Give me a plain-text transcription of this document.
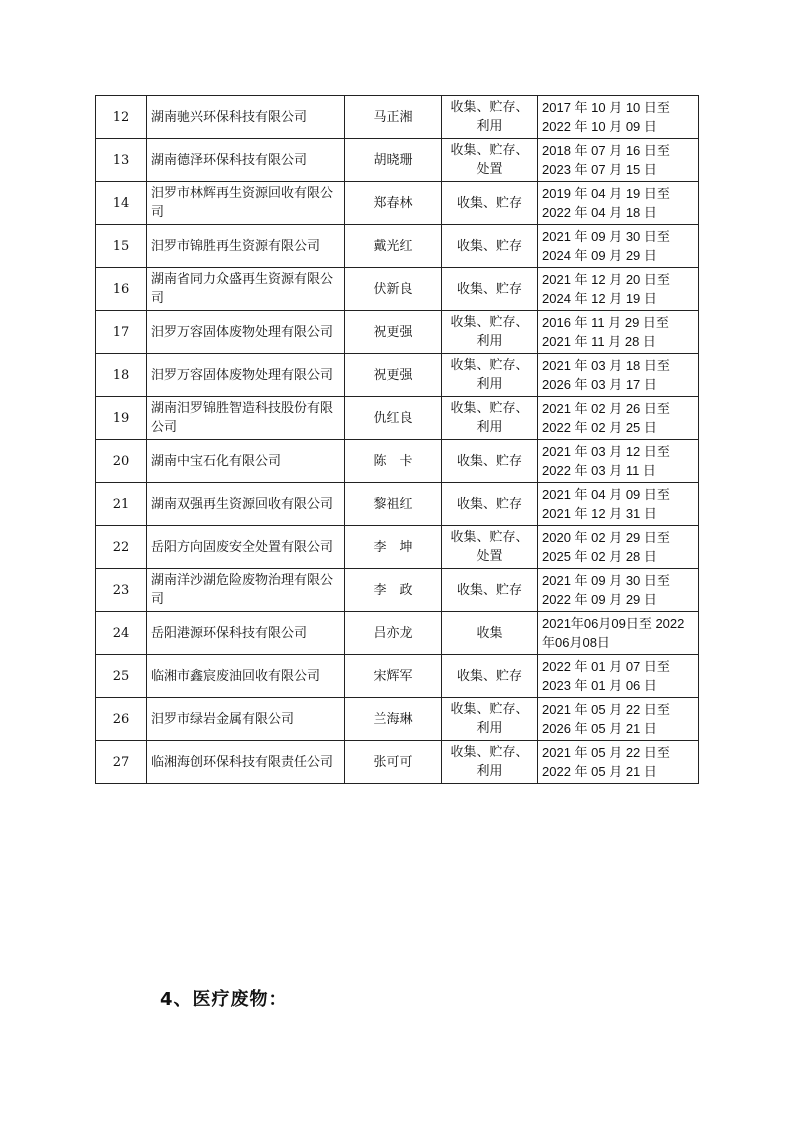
12	湖南驰兴环保科技有限公司	马正湘	收集、贮存、利用	2017 年 10 月 10 日至 2022 年 10 月 09 日
13	湖南德泽环保科技有限公司	胡晓珊	收集、贮存、处置	2018 年 07 月 16 日至 2023 年 07 月 15 日
14	汨罗市林辉再生资源回收有限公司	郑春林	收集、贮存	2019 年 04 月 19 日至 2022 年 04 月 18 日
15	汨罗市锦胜再生资源有限公司	戴光红	收集、贮存	2021 年 09 月 30 日至 2024 年 09 月 29 日
16	湖南省同力众盛再生资源有限公司	伏新良	收集、贮存	2021 年 12 月 20 日至 2024 年 12 月 19 日
17	汨罗万容固体废物处理有限公司	祝更强	收集、贮存、利用	2016 年 11 月 29 日至 2021 年 11 月 28 日
18	汨罗万容固体废物处理有限公司	祝更强	收集、贮存、利用	2021 年 03 月 18 日至 2026 年 03 月 17 日
19	湖南汨罗锦胜智造科技股份有限公司	仇红良	收集、贮存、利用	2021 年 02 月 26 日至 2022 年 02 月 25 日
20	湖南中宝石化有限公司	陈　卡	收集、贮存	2021 年 03 月 12 日至 2022 年 03 月 11 日
21	湖南双强再生资源回收有限公司	黎祖红	收集、贮存	2021 年 04 月 09 日至 2021 年 12 月 31 日
22	岳阳方向固废安全处置有限公司	李　坤	收集、贮存、处置	2020 年 02 月 29 日至 2025 年 02 月 28 日
23	湖南洋沙湖危险废物治理有限公司	李　政	收集、贮存	2021 年 09 月 30 日至 2022 年 09 月 29 日
24	岳阳港源环保科技有限公司	吕亦龙	收集	2021年06月09日至 2022年06月08日
25	临湘市鑫宸废油回收有限公司	宋辉军	收集、贮存	2022 年 01 月 07 日至 2023 年 01 月 06 日
26	汨罗市绿岩金属有限公司	兰海琳	收集、贮存、利用	2021 年 05 月 22 日至 2026 年 05 月 21 日
27	临湘海创环保科技有限责任公司	张可可	收集、贮存、利用	2021 年 05 月 22 日至 2022 年 05 月 21 日
4、医疗废物：
